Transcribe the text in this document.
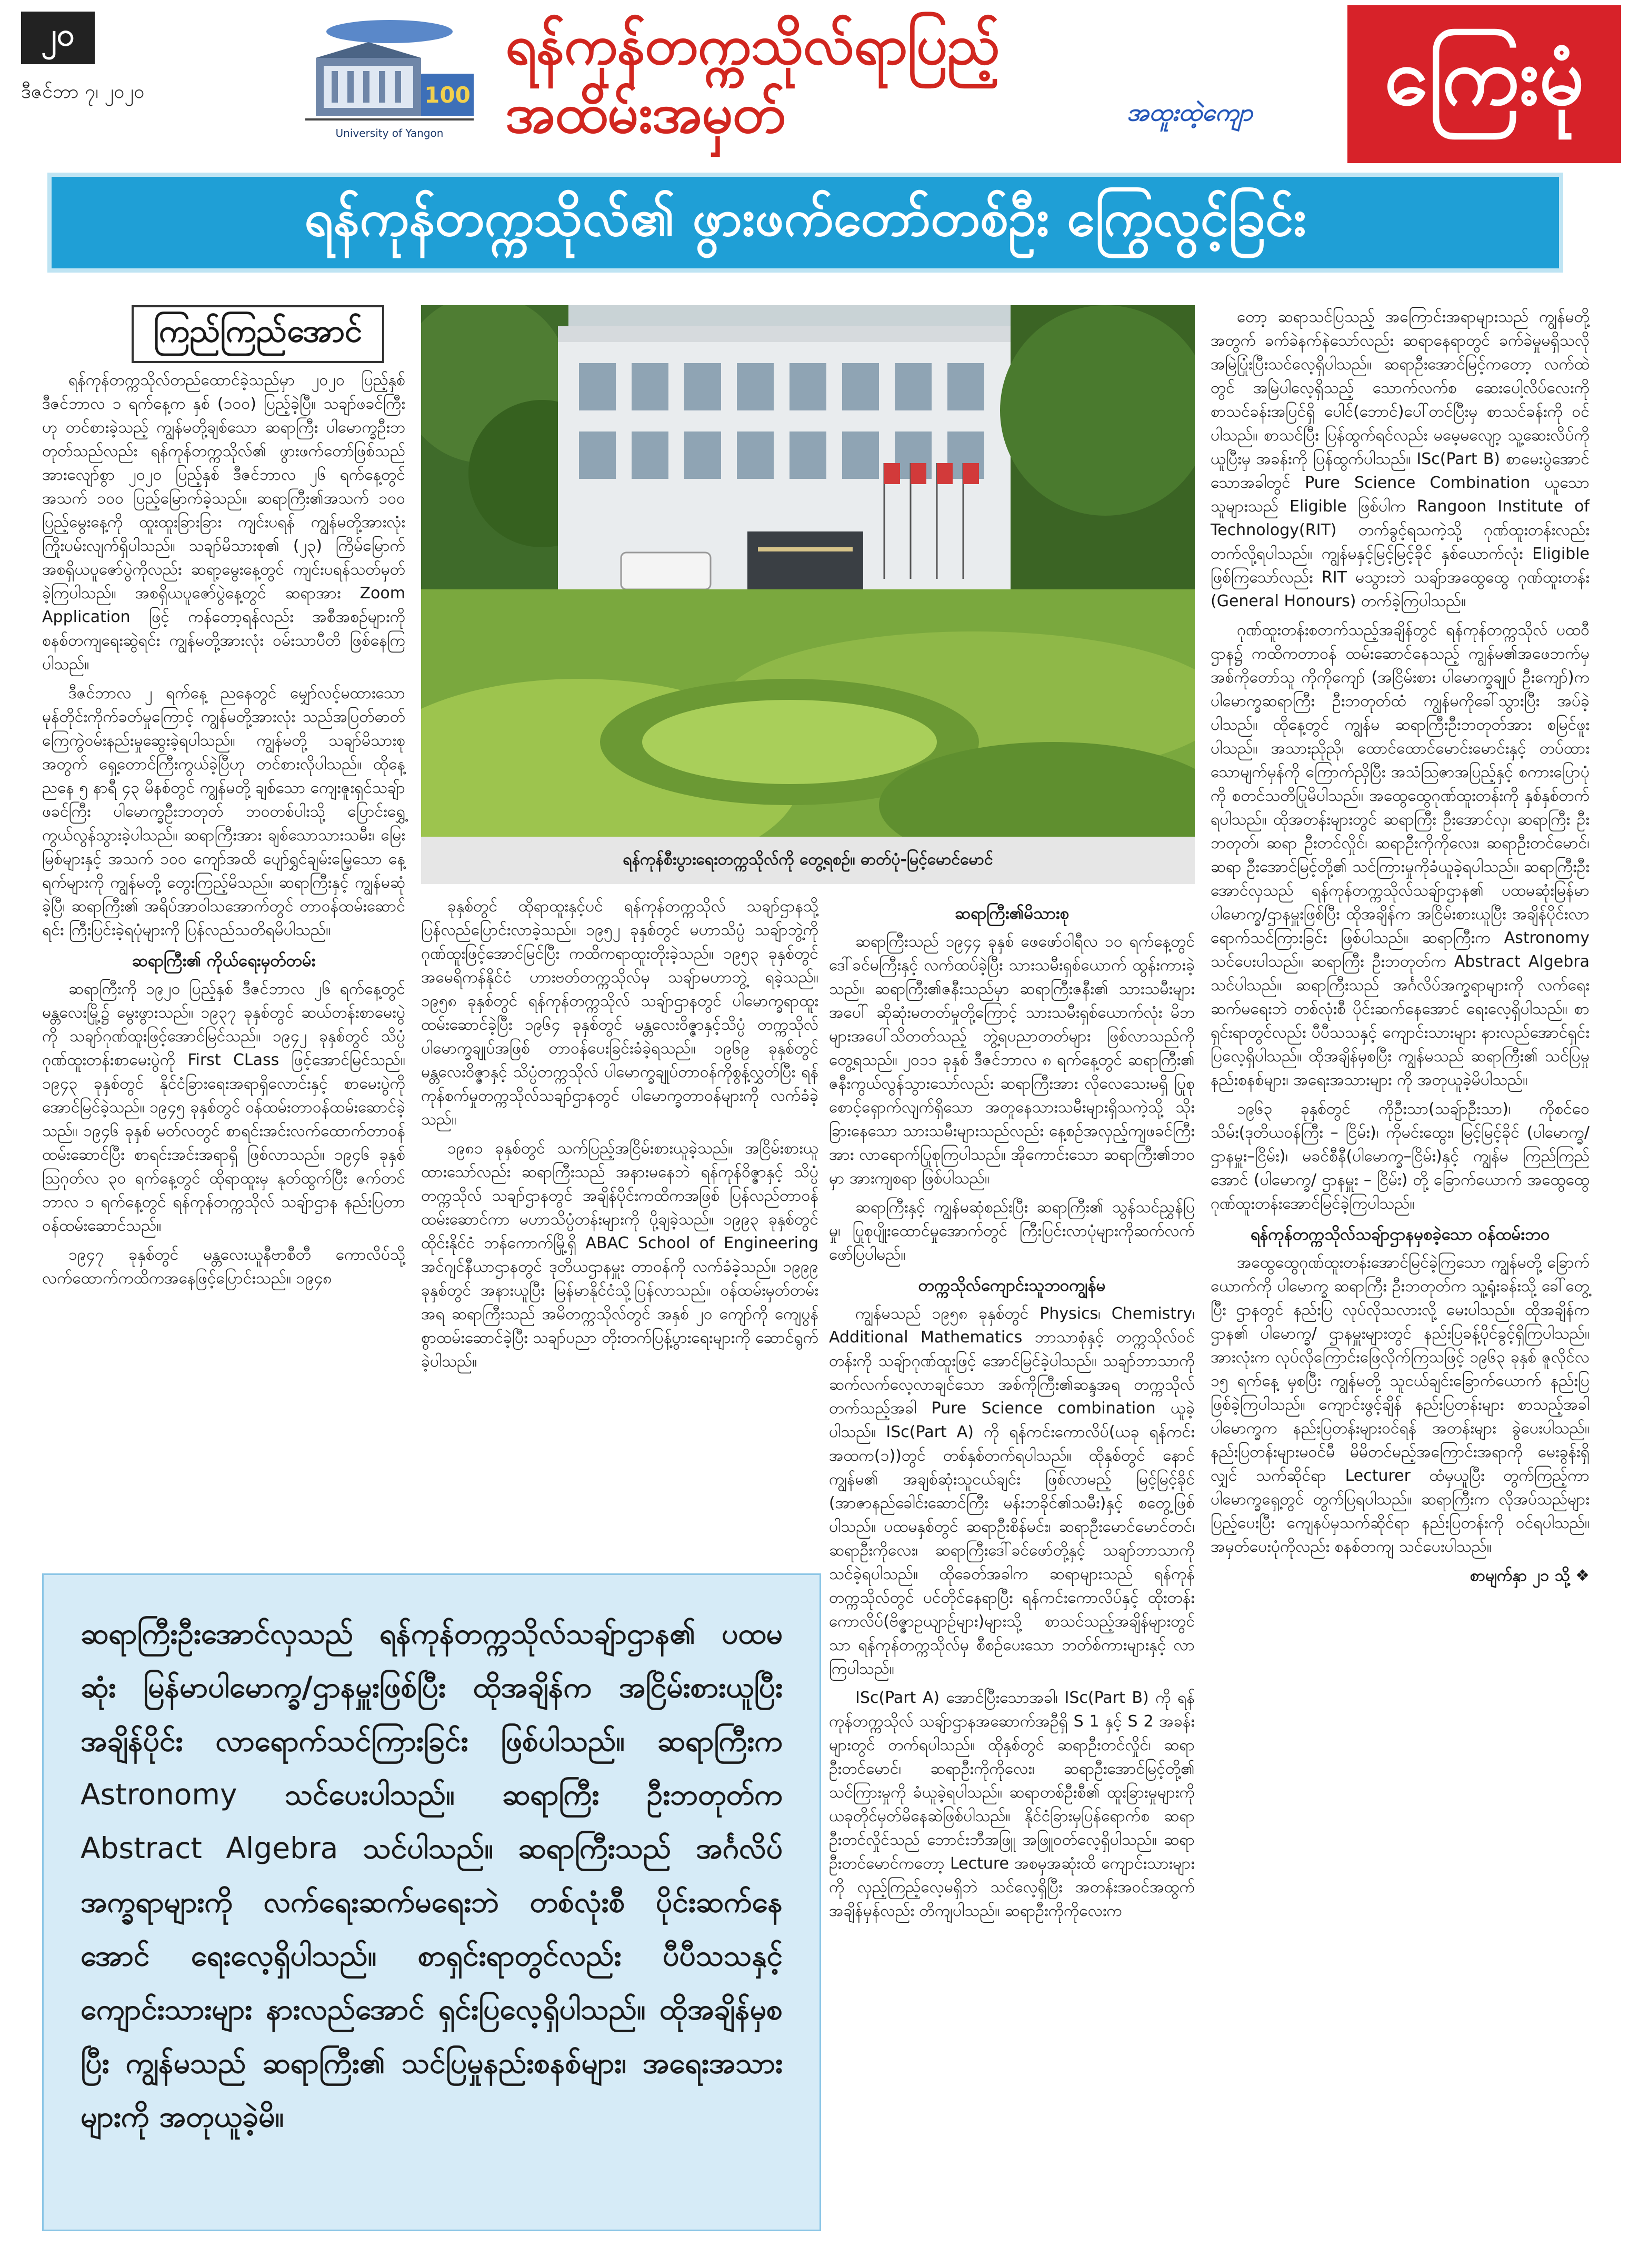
၂၀
ဒီဇင်ဘာ ၇၊ ၂၀၂၀	100
University of Yangon
ရန်ကုန်တက္ကသိုလ်ရာပြည့်အထိမ်းအမှတ်	အထူးထဲ့ကျော	ကြေးမုံ
ရန်ကုန်တက္ကသိုလ်၏ ဖွားဖက်တော်တစ်ဦး ကြွေလွင့်ခြင်း
ကြည်ကြည်အောင်
ရန်ကုန်စီးပွားရေးတက္ကသိုလ်ကို တွေ့ရစဉ်။ ဓာတ်ပုံ-မြင့်မောင်မောင်

ရန်ကုန်တက္ကသိုလ်တည်ထောင်ခဲ့သည်မှာ ၂၀၂၀ ပြည့်နှစ် ဒီဇင်ဘာလ ၁ ရက်နေ့က နှစ် (၁၀၀) ပြည့်ခဲ့ပြီ။ သချာ်ဖခင်ကြီးဟု တင်စားခဲ့သည့် ကျွန်မတို့ချစ်သော ဆရာကြီး ပါမောက္ခဦးဘတုတ်သည်လည်း ရန်ကုန်တက္ကသိုလ်၏ ဖွားဖက်တော်ဖြစ်သည်အားလျော်စွာ ၂၀၂၀ ပြည့်နှစ် ဒီဇင်ဘာလ ၂၆ ရက်နေ့တွင် အသက် ၁၀၀ ပြည့်မြောက်ခဲ့သည်။ ဆရာကြီး၏အသက် ၁၀၀ ပြည့်မွေးနေ့ကို ထူးထူးခြားခြား ကျင်းပရန် ကျွန်မတို့အားလုံးကြိုးပမ်းလျက်ရှိပါသည်။ သချာ်မိသားစု၏ (၂၃) ကြိမ်မြောက် အစရှိယပူဇော်ပွဲကိုလည်း ဆရာ့မွေးနေ့တွင် ကျင်းပရန်သတ်မှတ်ခဲ့ကြပါသည်။ အစရှိယပူဇော်ပွဲနေ့တွင် ဆရာအား Zoom Application ဖြင့် ကန်တော့ရန်လည်း အစီအစဉ်များကို စနစ်တကျရေးဆွဲရင်း ကျွန်မတို့အားလုံး ဝမ်းသာပီတိ ဖြစ်နေကြပါသည်။

ဒီဇင်ဘာလ ၂ ရက်နေ့ ညနေတွင် မျှော်လင့်မထားသော မုန်တိုင်းကိုက်ခတ်မှုကြောင့် ကျွန်မတို့အားလုံး သည်အပြတ်ဓာတ် ကြေကွဲဝမ်းနည်းမှုဆွေးခဲ့ရပါသည်။ ကျွန်မတို့ သချာ်မိသားစုအတွက် ရှေ့တောင်ကြီးကွယ်ခဲ့ပြီဟု တင်စားလိုပါသည်။ ထိုနေ့ ညနေ ၅ နာရီ ၄၃ မိနစ်တွင် ကျွန်မတို့ ချစ်သော ကျေးဇူးရှင်သချ်ာဖခင်ကြီး ပါမောက္ခဦးဘတုတ် ဘဝတစ်ပါးသို့ ပြောင်းရွှေ့ကွယ်လွန်သွားခဲ့ပါသည်။ ဆရာကြီးအား ချစ်သောသားသမီး၊ မြေးမြစ်များနှင့် အသက် ၁၀၀ ကျော်အထိ ပျော်ရွှင်ချမ်းမြေ့သော နေ့ရက်များကို ကျွန်မတို့ တွေးကြည့်မိသည်။ ဆရာကြီးနှင့် ကျွန်မဆုံခဲ့ပြီ၊ ဆရာကြီး၏ အရိပ်အာဝါသအောက်တွင် တာဝန်ထမ်းဆောင်ရင်း ကြီးပြင်းခဲ့ရပုံများကို ပြန်လည်သတိရမိပါသည်။

ဆရာကြီး၏ ကိုယ်ရေးမှတ်တမ်း

ဆရာကြီးကို ၁၉၂၀ ပြည့်နှစ် ဒီဇင်ဘာလ ၂၆ ရက်နေ့တွင် မန္တလေးမြို့၌ မွေးဖွားသည်။ ၁၉၃၇ ခုနှစ်တွင် ဆယ်တန်းစာမေးပွဲကို သချာ်ဂုဏ်ထူးဖြင့်အောင်မြင်သည်။ ၁၉၄၂ ခုနှစ်တွင် သိပ္ပံဂုဏ်ထူးတန်းစာမေးပွဲကို First CLass ဖြင့်အောင်မြင်သည်။ ၁၉၄၃ ခုနှစ်တွင် နိုင်ငံခြားရေးအရာရှိလောင်းနှင့် စာမေးပွဲကို အောင်မြင်ခဲ့သည်။ ၁၉၄၅ ခုနှစ်တွင် ဝန်ထမ်းတာဝန်ထမ်းဆောင်ခဲ့သည်။ ၁၉၄၆ ခုနှစ် မတ်လတွင် စာရင်းအင်းလက်ထောက်တာဝန် ထမ်းဆောင်ပြီး စာရင်းအင်းအရာရှိ ဖြစ်လာသည်။ ၁၉၄၆ ခုနှစ် ဩဂုတ်လ ၃၀ ရက်နေ့တွင် ထိုရာထူးမှ နုတ်ထွက်ပြီး ဇက်တင်ဘာလ ၁ ရက်နေ့တွင် ရန်ကုန်တက္ကသိုလ် သချ်ာဌာန နည်းပြတာဝန်ထမ်းဆောင်သည်။

၁၉၄၇ ခုနှစ်တွင် မန္တလေးယူနီဗာစီတီ ကောလိပ်သို့ လက်ထောက်ကထိကအနေဖြင့်ပြောင်းသည်။ ၁၉၄၈

ခုနှစ်တွင် ထိုရာထူးနှင့်ပင် ရန်ကုန်တက္ကသိုလ် သချာ်ဌာနသို့ပြန်လည်ပြောင်းလာခဲ့သည်။ ၁၉၅၂ ခုနှစ်တွင် မဟာသိပ္ပံ သချ်ာဘွဲ့ကို ဂုဏ်ထူးဖြင့်အောင်မြင်ပြီး ကထိကရာထူးတိုးခဲ့သည်။ ၁၉၅၃ ခုနှစ်တွင် အမေရိကန်နိုင်ငံ ဟားဗတ်တက္ကသိုလ်မှ သချ်ာမဟာဘွဲ့ ရခဲ့သည်။ ၁၉၅၈ ခုနှစ်တွင် ရန်ကုန်တက္ကသိုလ် သချ်ာဌာနတွင် ပါမောက္ခရာထူး ထမ်းဆောင်ခဲ့ပြီး ၁၉၆၄ ခုနှစ်တွင် မန္တလေးဝိဇ္ဇာနှင့်သိပ္ပံ တက္ကသိုလ် ပါမောက္ခချုပ်အဖြစ် တာဝန်ပေးခြင်းခံခဲ့ရသည်။ ၁၉၆၉ ခုနှစ်တွင် မန္တလေးဝိဇ္ဇာနှင့် သိပ္ပံတက္ကသိုလ် ပါမောက္ခချုပ်တာဝန်ကိုစွန့်လွှတ်ပြီး ရန်ကုန်စက်မှုတက္ကသိုလ်သချာ်ဌာနတွင် ပါမောက္ခတာဝန်များကို လက်ခံခဲ့သည်။

၁၉၈၁ ခုနှစ်တွင် သက်ပြည့်အငြိမ်းစားယူခဲ့သည်။ အငြိမ်းစားယူထားသော်လည်း ဆရာကြီးသည် အနားမနေဘဲ ရန်ကုန်ဝိဇ္ဇာနှင့် သိပ္ပံတက္ကသိုလ် သချာ်ဌာနတွင် အချိန်ပိုင်းကထိကအဖြစ် ပြန်လည်တာဝန်ထမ်းဆောင်ကာ မဟာသိပ္ပံတန်းများကို ပို့ချခဲ့သည်။ ၁၉၉၃ ခုနှစ်တွင် ထိုင်းနိုင်ငံ ဘန်ကောက်မြို့ရှိ ABAC School of Engineering အင်ဂျင်နီယာဌာနတွင် ဒုတိယဌာနမှူး တာဝန်ကို လက်ခံခဲ့သည်။ ၁၉၉၉ ခုနှစ်တွင် အနားယူပြီး မြန်မာနိုင်ငံသို့ပြန်လာသည်။ ဝန်ထမ်းမှတ်တမ်းအရ ဆရာကြီးသည် အမိတက္ကသိုလ်တွင် အနှစ် ၂၀ ကျော်ကို ကျေပွန်စွာထမ်းဆောင်ခဲ့ပြီး သချာ်ပညာ တိုးတက်ပြန့်ပွားရေးများကို ဆောင်ရွက်ခဲ့ပါသည်။

ဆရာကြီး၏မိသားစု

ဆရာကြီးသည် ၁၉၄၄ ခုနှစ် ဖေဖော်ဝါရီလ ၁၀ ရက်နေ့တွင် ဒေါ်ခင်မကြီးနှင့် လက်ထပ်ခဲ့ပြီး သားသမီးရှစ်ယောက် ထွန်းကားခဲ့သည်။ ဆရာကြီး၏ဇနီးသည်မှာ ဆရာကြီးဇနီး၏ သားသမီးများအပေါ် ဆိုဆုံးမတတ်မှုတို့ကြောင့် သားသမီးရှစ်ယောက်လုံး မိဘများအပေါ်သိတတ်သည့် ဘွဲ့ရပညာတတ်များ ဖြစ်လာသည်ကို တွေ့ရသည်။ ၂၀၁၁ ခုနှစ် ဒီဇင်ဘာလ ၈ ရက်နေ့တွင် ဆရာကြီး၏ ဇနီးကွယ်လွန်သွားသော်လည်း ဆရာကြီးအား လိုလေသေးမရှိ ပြုစုစောင့်ရှောက်လျက်ရှိသော အတူနေသားသမီးများရှိသကဲ့သို့ သိုးခြားနေသော သားသမီးများသည်လည်း နေ့စဉ်အလှည့်ကျဖခင်ကြီးအား လာရောက်ပြုစုကြပါသည်။ အိုကောင်းသော ဆရာကြီး၏ဘဝမှာ အားကျစရာ ဖြစ်ပါသည်။

ဆရာကြီးနှင့် ကျွန်မဆုံစည်းပြီး ဆရာကြီး၏ သွန်သင်ညွှန်ပြမှု၊ ပြုစုပျိုးထောင်မှုအောက်တွင် ကြီးပြင်းလာပုံများကိုဆက်လက်ဖော်ပြပါမည်။

တက္ကသိုလ်ကျောင်းသူဘဝကျွန်မ

ကျွန်မသည် ၁၉၅၈ ခုနှစ်တွင် Physics၊ Chemistry၊ Additional Mathematics ဘာသာစုံနှင့် တက္ကသိုလ်ဝင်တန်းကို သချ်ာဂုဏ်ထူးဖြင့် အောင်မြင်ခဲ့ပါသည်။ သချာ်ဘာသာကို ဆက်လက်လေ့လာချင်သော အစ်ကိုကြီး၏ဆန္ဒအရ တက္ကသိုလ်တက်သည့်အခါ Pure Science combination ယူခဲ့ပါသည်။ ISc(Part A) ကို ရန်ကင်းကောလိပ်(ယခု ရန်ကင်းအထက(၁))တွင် တစ်နှစ်တက်ရပါသည်။ ထိုနှစ်တွင် နောင်ကျွန်မ၏ အချစ်ဆုံးသူငယ်ချင်း ဖြစ်လာမည့် မြင့်မြင့်ခိုင် (အာဇာနည်ခေါင်းဆောင်ကြီး မန်းဘခိုင်၏သမီး)နှင့် စတွေ့ဖြစ်ပါသည်။ ပထမနှစ်တွင် ဆရာဦးစိန်မင်း၊ ဆရာဦးမောင်မောင်တင်၊ ဆရာဦးကိုလေး၊ ဆရာကြီးဒေါ်ခင်ဖော်တို့နှင့် သချာ်ဘာသာကို သင်ခဲ့ရပါသည်။ ထိုခေတ်အခါက ဆရာများသည် ရန်ကုန်တက္ကသိုလ်တွင် ပင်တိုင်နေရာပြီး ရန်ကင်းကောလိပ်နှင့် ထိုးတန်းကောလိပ်(ဗိဇ္ဇာဥယျာဉ်များ)များသို့ စာသင်သည့်အချိန်များတွင်သာ ရန်ကုန်တက္ကသိုလ်မှ စီစဉ်ပေးသော ဘတ်စ်ကားများနှင့် လာကြပါသည်။

ISc(Part A) အောင်ပြီးသောအခါ၊ ISc(Part B) ကို ရန်ကုန်တက္ကသိုလ် သချ်ာဌာနအဆောက်အဦရှိ S 1 နှင့် S 2 အခန်းများတွင် တက်ရပါသည်။ ထိုနှစ်တွင် ဆရာဦးတင်လှိုင်၊ ဆရာဦးတင်မောင်၊ ဆရာဦးကိုကိုလေး၊ ဆရာဦးအောင်မြင့်တို့၏ သင်ကြားမှုကို ခံယူခဲ့ရပါသည်။ ဆရာတစ်ဦးစီ၏ ထူးခြားမှုများကို ယခုတိုင်မှတ်မိနေဆဲဖြစ်ပါသည်။ နိုင်ငံခြားမှပြန်ရောက်စ ဆရာဦးတင်လှိုင်သည် ဘောင်းဘီအဖြူ အဖြူဝတ်လေ့ရှိပါသည်။ ဆရာဦးတင်မောင်ကတော့ Lecture အစမှအဆုံးထိ ကျောင်းသားများကို လှည့်ကြည့်လေ့မရှိဘဲ သင်လေ့ရှိပြီး အတန်းအဝင်အထွက် အချိန်မှန်လည်း တိကျပါသည်။ ဆရာဦးကိုကိုလေးက

တော့ ဆရာသင်ပြသည့် အကြောင်းအရာများသည် ကျွန်မတို့အတွက် ခက်ခဲနက်နဲသော်လည်း ဆရာနေရာတွင် ခက်ခဲမှုမရှိသလို အမြဲပြုံးပြီးသင်လေ့ရှိပါသည်။ ဆရာဦးအောင်မြင့်ကတော့ လက်ထဲတွင် အမြဲပါလေ့ရှိသည့် သောက်လက်စ ဆေးပေါ့လိပ်လေးကို စာသင်ခန်းအပြင်ရှိ ပေါင်(ဘောင်)ပေါ်တင်ပြီးမှ စာသင်ခန်းကို ဝင်ပါသည်။ စာသင်ပြီး ပြန်ထွက်ရင်လည်း မမေ့မလျော့ သူ့ဆေးလိပ်ကိုယူပြီးမှ အခန်းကို ပြန်ထွက်ပါသည်။ ISc(Part B) စာမေးပွဲအောင်သောအခါတွင် Pure Science Combination ယူသော သူများသည် Eligible ဖြစ်ပါက Rangoon Institute of Technology(RIT) တက်ခွင့်ရသကဲ့သို့ ဂုဏ်ထူးတန်းလည်း တက်လို့ရပါသည်။ ကျွန်မနှင့်မြင့်မြင့်ခိုင် နှစ်ယောက်လုံး Eligible ဖြစ်ကြသော်လည်း RIT မသွားဘဲ သချ်ာအထွေထွေ ဂုဏ်ထူးတန်း (General Honours) တက်ခဲ့ကြပါသည်။

ဂုဏ်ထူးတန်းစတက်သည့်အချိန်တွင် ရန်ကုန်တက္ကသိုလ် ပထဝီဌာန၌ ကထိကတာဝန် ထမ်းဆောင်နေသည့် ကျွန်မ၏အဖေဘက်မှ အစ်ကိုတော်သူ ကိုကိုကျော် (အငြိမ်းစား ပါမောက္ခချုပ် ဦးကျော်)က ပါမောက္ခဆရာကြီး ဦးဘတုတ်ထံ ကျွန်မကိုခေါ်သွားပြီး အပ်ခဲ့ပါသည်။ ထိုနေ့တွင် ကျွန်မ ဆရာကြီးဦးဘတုတ်အား စမြင်ဖူးပါသည်။ အသားညိုညို၊ ထောင်ထောင်မောင်းမောင်းနှင့် တပ်ထားသောမျက်မှန်ကို ကြောက်ညှိပြီး အသံသြဇာအပြည့်နှင့် စကားပြောပုံကို စတင်သတိပြုမိပါသည်။ အထွေထွေဂုဏ်ထူးတန်းကို နှစ်နှစ်တက်ရပါသည်။ ထိုအတန်းများတွင် ဆရာကြီး ဦးအောင်လှ၊ ဆရာကြီး ဦးဘတုတ်၊ ဆရာ ဦးတင်လှိုင်၊ ဆရာဦးကိုကိုလေး၊ ဆရာဦးတင်မောင်၊ ဆရာ ဦးအောင်မြင့်တို့၏ သင်ကြားမှုကိုခံယူခဲ့ရပါသည်။ ဆရာကြီးဦးအောင်လှသည် ရန်ကုန်တက္ကသိုလ်သချ်ာဌာန၏ ပထမဆုံးမြန်မာ ပါမောက္ခ/ဌာနမှူးဖြစ်ပြီး ထိုအချိန်က အငြိမ်းစားယူပြီး အချိန်ပိုင်းလာရောက်သင်ကြားခြင်း ဖြစ်ပါသည်။ ဆရာကြီးက Astronomy သင်ပေးပါသည်။ ဆရာကြီး ဦးဘတုတ်က Abstract Algebra သင်ပါသည်။ ဆရာကြီးသည် အင်္ဂလိပ်အက္ခရာများကို လက်ရေးဆက်မရေးဘဲ တစ်လုံးစီ ပိုင်းဆက်နေအောင် ရေးလေ့ရှိပါသည်။ စာရှင်းရာတွင်လည်း ပီပီသသနှင့် ကျောင်းသားများ နားလည်အောင်ရှင်းပြလေ့ရှိပါသည်။ ထိုအချိန်မှစပြီး ကျွန်မသည် ဆရာကြီး၏ သင်ပြမှုနည်းစနစ်များ၊ အရေးအသားများ ကို အတုယူခဲ့မိပါသည်။

၁၉၆၃ ခုနှစ်တွင် ကိုဦးသာ(သချ်ာဦးသာ)၊ ကိုစင်ဝေသိမ်း(ဒုတိယဝန်ကြီး – ငြိမ်း)၊ ကိုမင်းထွေး၊ မြင့်မြင့်ခိုင် (ပါမောက္ခ/ဌာနမှူး–ငြိမ်း)၊ မခင်စီနီ(ပါမောက္ခ–ငြိမ်း)နှင့် ကျွန်မ ကြည်ကြည်အောင် (ပါမောက္ခ/ ဌာနမှူး – ငြိမ်း) တို့ ခြောက်ယောက် အထွေထွေဂုဏ်ထူးတန်းအောင်မြင်ခဲ့ကြပါသည်။

ရန်ကုန်တက္ကသိုလ်သချ်ာဌာနမှစခဲ့သော ဝန်ထမ်းဘဝ

အထွေထွေဂုဏ်ထူးတန်းအောင်မြင်ခဲ့ကြသော ကျွန်မတို့ ခြောက်ယောက်ကို ပါမောက္ခ ဆရာကြီး ဦးဘတုတ်က သူ့ရုံးခန်းသို့ ခေါ်တွေ့ပြီး ဌာနတွင် နည်းပြ လုပ်လိုသလားလို့ မေးပါသည်။ ထိုအချိန်က ဌာန၏ ပါမောက္ခ/ ဌာနမှူးများတွင် နည်းပြခန့်ပိုင်ခွင့်ရှိကြပါသည်။ အားလုံးက လုပ်လိုကြောင်းဖြေလိုက်ကြသဖြင့် ၁၉၆၃ ခုနှစ် ဇူလိုင်လ ၁၅ ရက်နေ့ မှစပြီး ကျွန်မတို့ သူငယ်ချင်းခြောက်ယောက် နည်းပြဖြစ်ခဲ့ကြပါသည်။ ကျောင်းဖွင့်ချိန် နည်းပြတန်းများ စာသည့်အခါ ပါမောက္ခက နည်းပြတန်းများဝင်ရန် အတန်းများ ခွဲပေးပါသည်။ နည်းပြတန်းများမဝင်မီ မိမိတင်မည့်အကြောင်းအရာကို မေးခွန်းရှိလျှင် သက်ဆိုင်ရာ Lecturer ထံမှယူပြီး တွက်ကြည့်ကာ ပါမောက္ခရှေ့တွင် တွက်ပြရပါသည်။ ဆရာကြီးက လိုအပ်သည်များပြည့်ပေးပြီး ကျေနပ်မှသက်ဆိုင်ရာ နည်းပြတန်းကို ဝင်ရပါသည်။ အမှတ်ပေးပုံကိုလည်း စနစ်တကျ သင်ပေးပါသည်။

စာမျက်နှာ ၂၁ သို့ ❖
ဆရာကြီးဦးအောင်လှသည် ရန်ကုန်တက္ကသိုလ်သချ်ာဌာန၏ ပထမဆုံး မြန်မာပါမောက္ခ/ဌာနမှူးဖြစ်ပြီး ထိုအချိန်က အငြိမ်းစားယူပြီး အချိန်ပိုင်း လာရောက်သင်ကြားခြင်း ဖြစ်ပါသည်။ ဆရာကြီးက Astronomy သင်ပေးပါသည်။ ဆရာကြီး ဦးဘတုတ်က Abstract Algebra သင်ပါသည်။ ဆရာကြီးသည် အင်္ဂလိပ်အက္ခရာများကို လက်ရေးဆက်မရေးဘဲ တစ်လုံးစီ ပိုင်းဆက်နေအောင် ရေးလေ့ရှိပါသည်။ စာရှင်းရာတွင်လည်း ပီပီသသနှင့် ကျောင်းသားများ နားလည်အောင် ရှင်းပြလေ့ရှိပါသည်။ ထိုအချိန်မှစပြီး ကျွန်မသည် ဆရာကြီး၏ သင်ပြမှုနည်းစနစ်များ၊ အရေးအသားများကို အတုယူခဲ့မိ။
